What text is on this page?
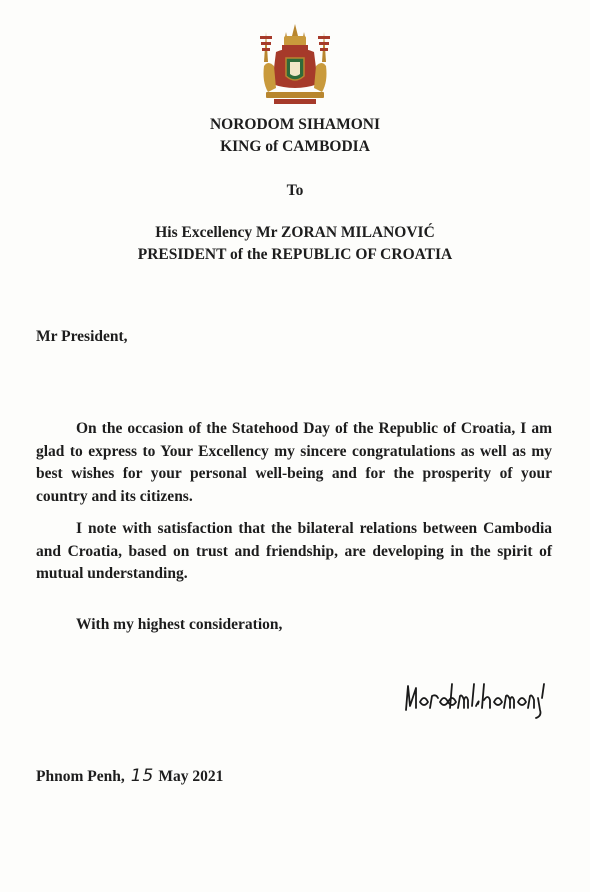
NORODOM SIHAMONI
KING of CAMBODIA
To
His Excellency Mr ZORAN MILANOVIĆ
PRESIDENT of the REPUBLIC OF CROATIA
Mr President,
On the occasion of the Statehood Day of the Republic of Croatia, I am glad to express to Your Excellency my sincere congratulations as well as my best wishes for your personal well-being and for the prosperity of your country and its citizens.
I note with satisfaction that the bilateral relations between Cambodia and Croatia, based on trust and friendship, are developing in the spirit of mutual understanding.
With my highest consideration,
Phnom Penh, 15 May 2021
